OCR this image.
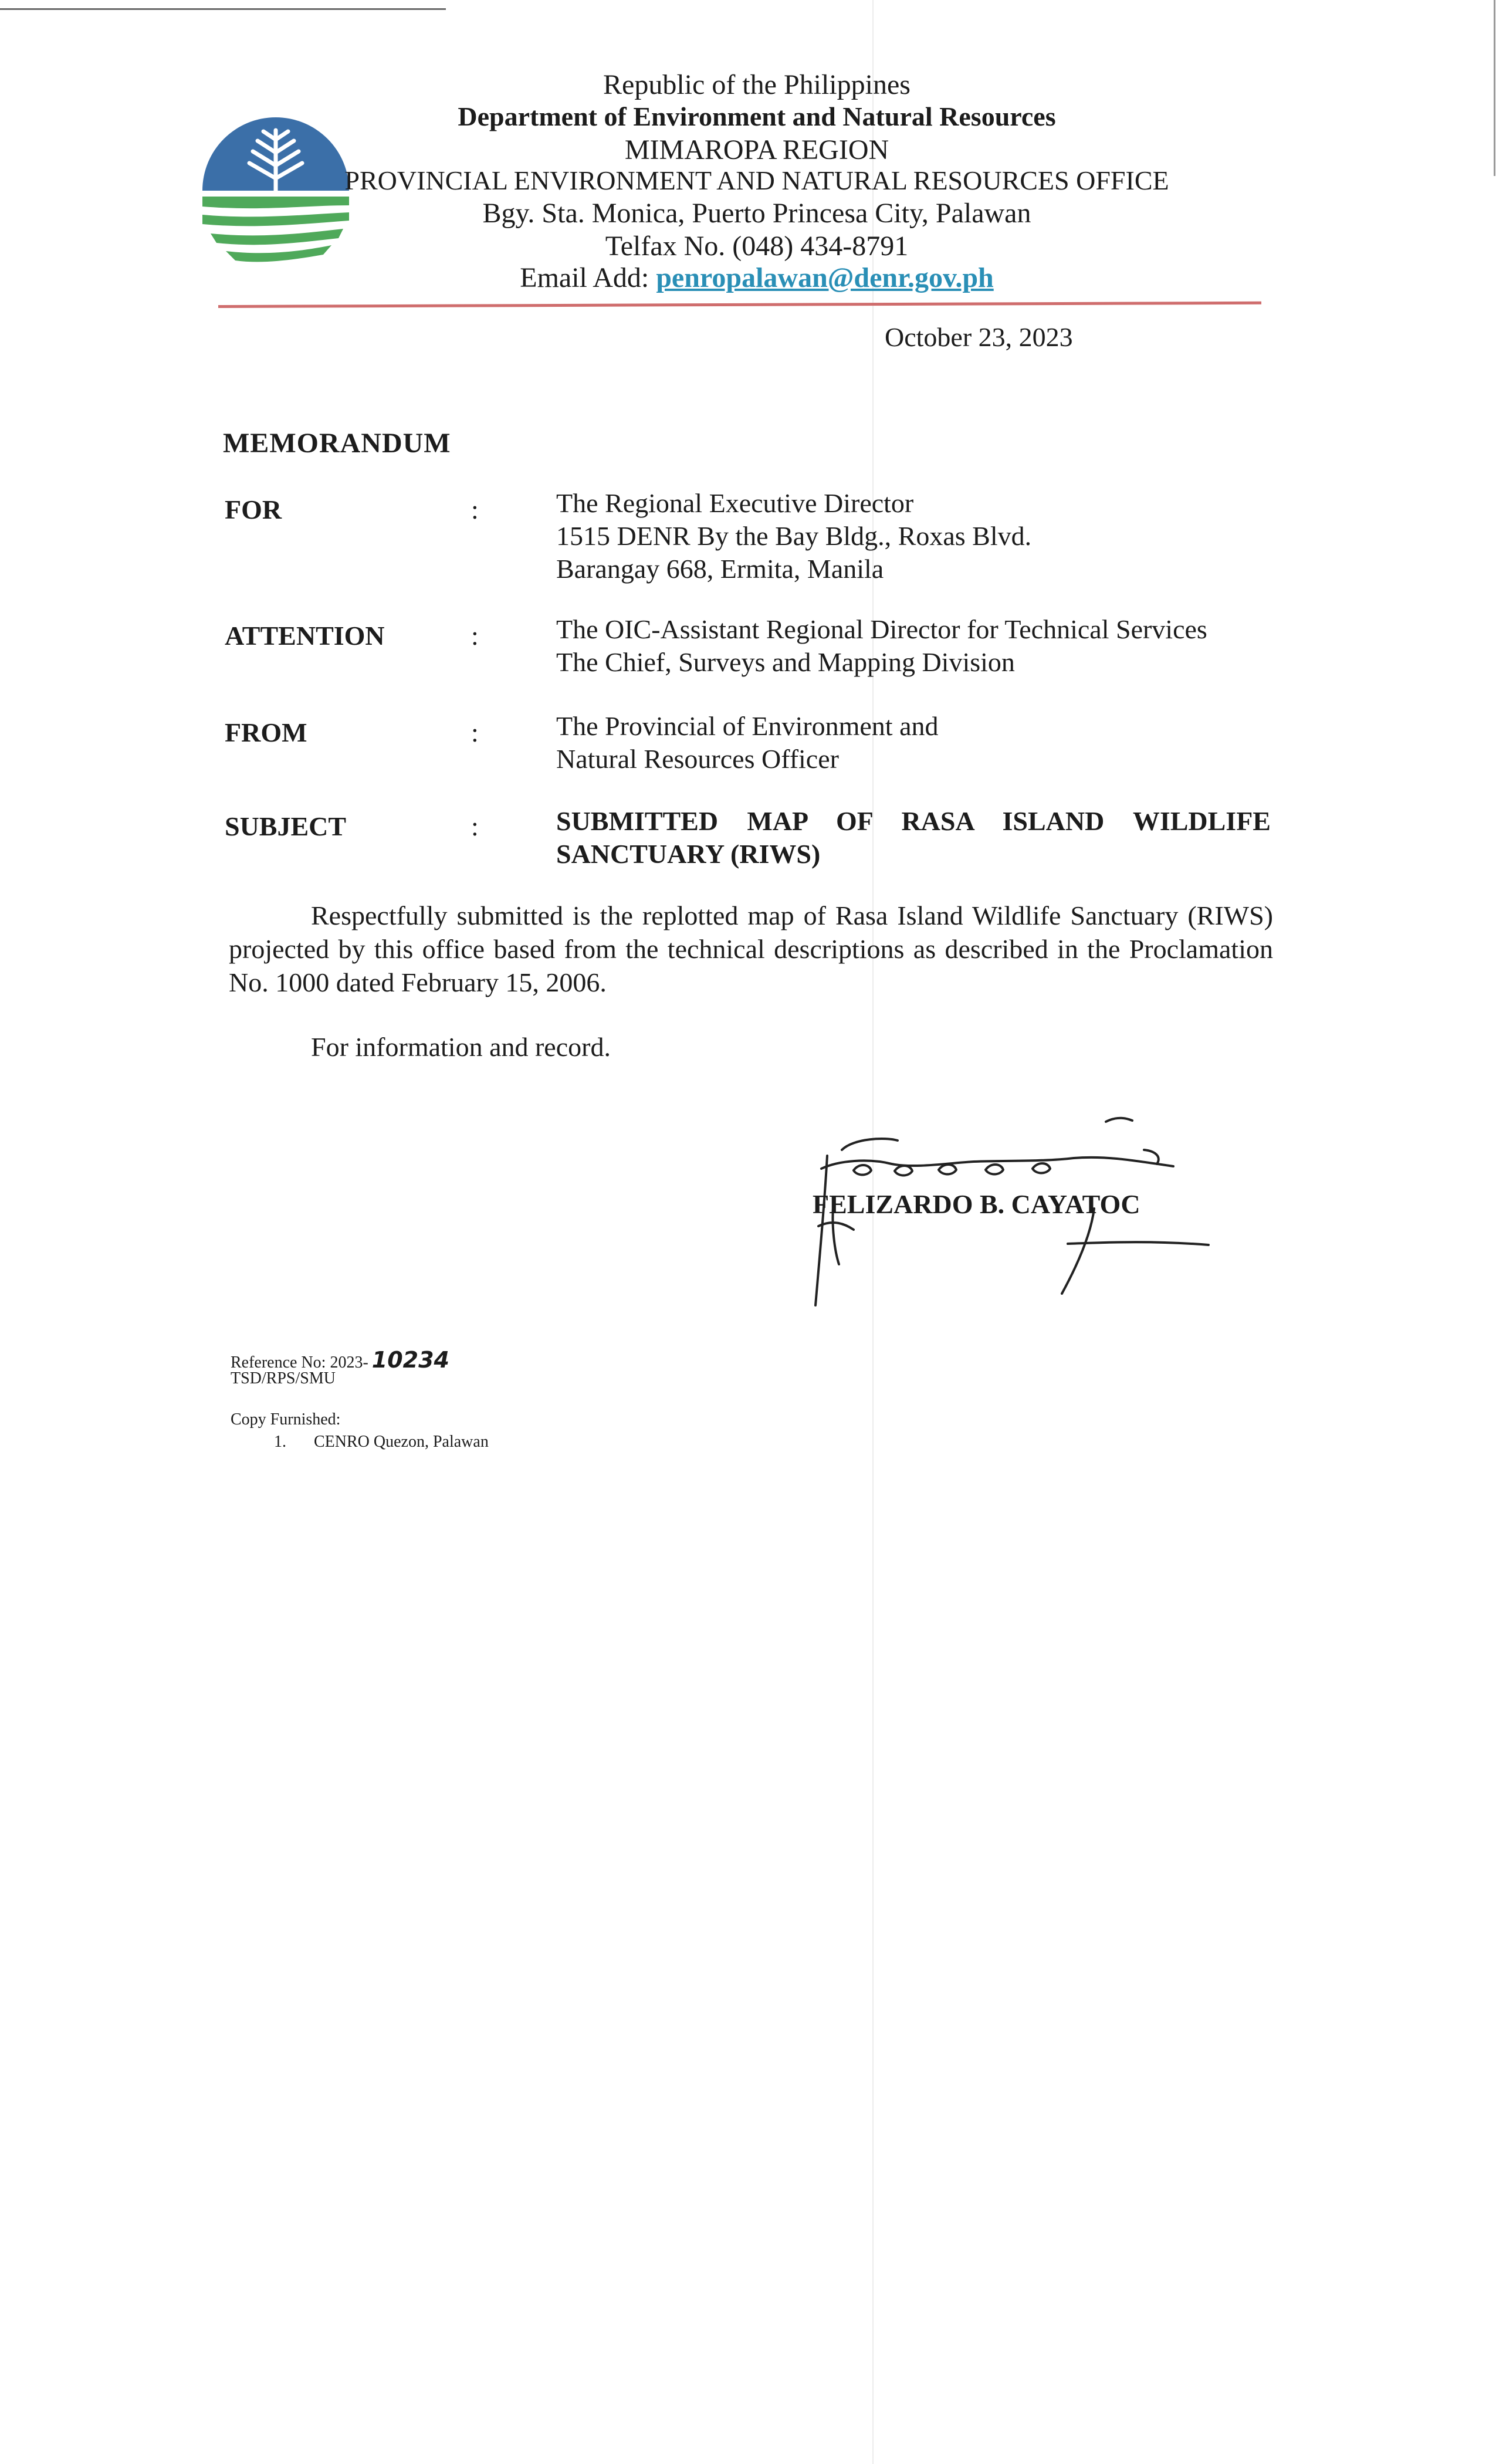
Republic of the Philippines
Department of Environment and Natural Resources
MIMAROPA REGION
PROVINCIAL ENVIRONMENT AND NATURAL RESOURCES OFFICE
Bgy. Sta. Monica, Puerto Princesa City, Palawan
Telfax No. (048) 434-8791
Email Add: penropalawan@denr.gov.ph
October 23, 2023
MEMORANDUM
FOR	:	The Regional Executive Director
1515 DENR By the Bay Bldg., Roxas Blvd.
Barangay 668, Ermita, Manila
ATTENTION	:	The OIC-Assistant Regional Director for Technical Services
The Chief, Surveys and Mapping Division
FROM	:	The Provincial of Environment and
Natural Resources Officer
SUBJECT	:	SUBMITTED MAP OF RASA ISLAND WILDLIFE
SANCTUARY (RIWS)
Respectfully submitted is the replotted map of Rasa Island Wildlife Sanctuary (RIWS) projected by this office based from the technical descriptions as described in the Proclamation No. 1000 dated February 15, 2006.
For information and record.
FELIZARDO B. CAYATOC
Reference No: 2023- 10234
TSD/RPS/SMU
Copy Furnished:
1. CENRO Quezon, Palawan
